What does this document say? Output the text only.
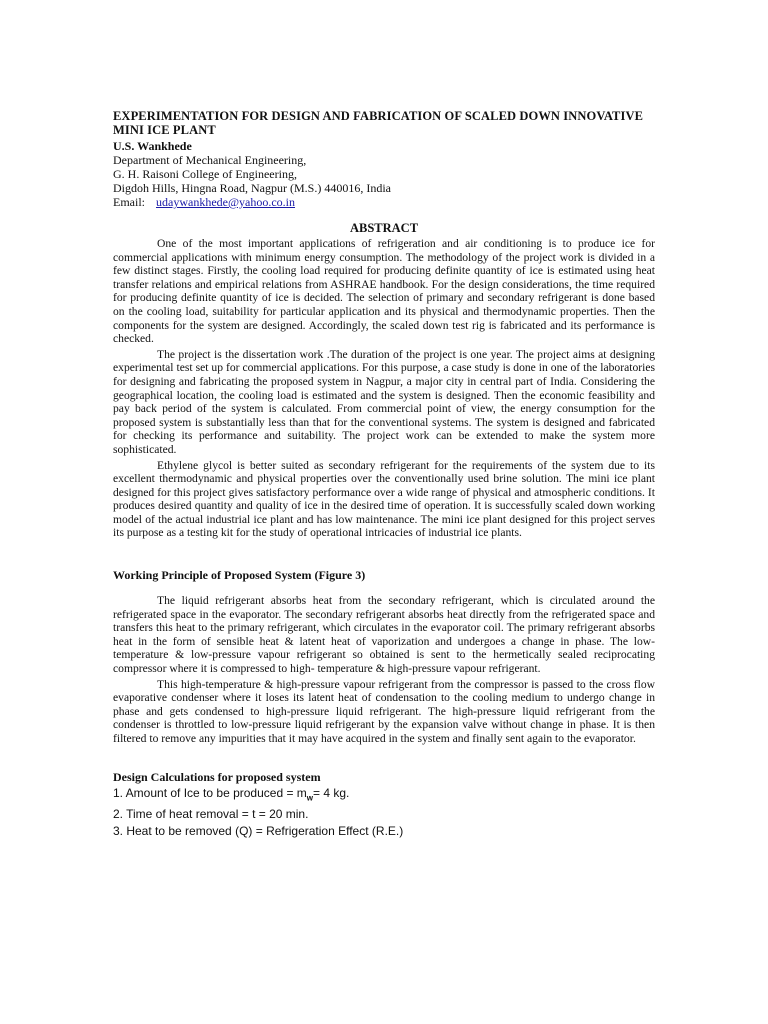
EXPERIMENTATION FOR DESIGN AND FABRICATION OF SCALED DOWN INNOVATIVE MINI ICE PLANT
U.S. Wankhede
Department of Mechanical Engineering,
G. H. Raisoni College of Engineering,
Digdoh Hills, Hingna Road, Nagpur (M.S.) 440016, India
Email: udaywankhede@yahoo.co.in
ABSTRACT

One of the most important applications of refrigeration and air conditioning is to produce ice for commercial applications with minimum energy consumption. The methodology of the project work is divided in a few distinct stages. Firstly, the cooling load required for producing definite quantity of ice is estimated using heat transfer relations and empirical relations from ASHRAE handbook. For the design considerations, the time required for producing definite quantity of ice is decided. The selection of primary and secondary refrigerant is done based on the cooling load, suitability for particular application and its physical and thermodynamic properties. Then the components for the system are designed. Accordingly, the scaled down test rig is fabricated and its performance is checked.

The project is the dissertation work .The duration of the project is one year. The project aims at designing experimental test set up for commercial applications. For this purpose, a case study is done in one of the laboratories for designing and fabricating the proposed system in Nagpur, a major city in central part of India. Considering the geographical location, the cooling load is estimated and the system is designed. Then the economic feasibility and pay back period of the system is calculated. From commercial point of view, the energy consumption for the proposed system is substantially less than that for the conventional systems. The system is designed and fabricated for checking its performance and suitability. The project work can be extended to make the system more sophisticated.

Ethylene glycol is better suited as secondary refrigerant for the requirements of the system due to its excellent thermodynamic and physical properties over the conventionally used brine solution. The mini ice plant designed for this project gives satisfactory performance over a wide range of physical and atmospheric conditions. It produces desired quantity and quality of ice in the desired time of operation. It is successfully scaled down working model of the actual industrial ice plant and has low maintenance. The mini ice plant designed for this project serves its purpose as a testing kit for the study of operational intricacies of industrial ice plants.

Working Principle of Proposed System (Figure 3)

The liquid refrigerant absorbs heat from the secondary refrigerant, which is circulated around the refrigerated space in the evaporator. The secondary refrigerant absorbs heat directly from the refrigerated space and transfers this heat to the primary refrigerant, which circulates in the evaporator coil. The primary refrigerant absorbs heat in the form of sensible heat & latent heat of vaporization and undergoes a change in phase. The low- temperature & low-pressure vapour refrigerant so obtained is sent to the hermetically sealed reciprocating compressor where it is compressed to high- temperature & high-pressure vapour refrigerant.

This high-temperature & high-pressure vapour refrigerant from the compressor is passed to the cross flow evaporative condenser where it loses its latent heat of condensation to the cooling medium to undergo change in phase and gets condensed to high-pressure liquid refrigerant. The high-pressure liquid refrigerant from the condenser is throttled to low-pressure liquid refrigerant by the expansion valve without change in phase. It is then filtered to remove any impurities that it may have acquired in the system and finally sent again to the evaporator.

Design Calculations for proposed system
1. Amount of Ice to be produced = $m_w= 4$ kg.
2. Time of heat removal = t = 20 min.
3. Heat to be removed (Q) = Refrigeration Effect (R.E.)
